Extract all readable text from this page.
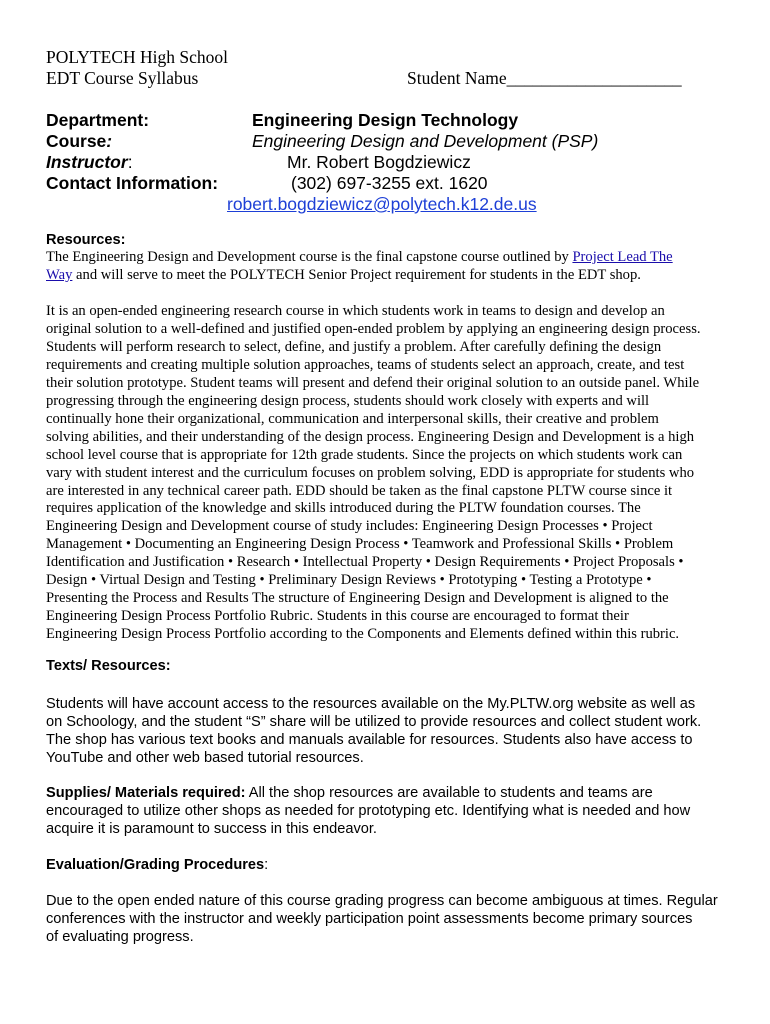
POLYTECH High School
EDT Course Syllabus	Student Name____________________
Department:	Engineering Design Technology
Course:	Engineering Design and Development (PSP)
Instructor:	Mr. Robert Bogdziewicz
Contact Information:	(302) 697-3255 ext. 1620
robert.bogdziewicz@polytech.k12.de.us
Resources:
The Engineering Design and Development course is the final capstone course outlined by Project Lead The
Way and will serve to meet the POLYTECH Senior Project requirement for students in the EDT shop.
It is an open-ended engineering research course in which students work in teams to design and develop an
original solution to a well-defined and justified open-ended problem by applying an engineering design process.
Students will perform research to select, define, and justify a problem. After carefully defining the design
requirements and creating multiple solution approaches, teams of students select an approach, create, and test
their solution prototype. Student teams will present and defend their original solution to an outside panel. While
progressing through the engineering design process, students should work closely with experts and will
continually hone their organizational, communication and interpersonal skills, their creative and problem
solving abilities, and their understanding of the design process. Engineering Design and Development is a high
school level course that is appropriate for 12th grade students. Since the projects on which students work can
vary with student interest and the curriculum focuses on problem solving, EDD is appropriate for students who
are interested in any technical career path. EDD should be taken as the final capstone PLTW course since it
requires application of the knowledge and skills introduced during the PLTW foundation courses. The
Engineering Design and Development course of study includes: Engineering Design Processes • Project
Management • Documenting an Engineering Design Process • Teamwork and Professional Skills • Problem
Identification and Justification • Research • Intellectual Property • Design Requirements • Project Proposals •
Design • Virtual Design and Testing • Preliminary Design Reviews • Prototyping • Testing a Prototype •
Presenting the Process and Results The structure of Engineering Design and Development is aligned to the
Engineering Design Process Portfolio Rubric. Students in this course are encouraged to format their
Engineering Design Process Portfolio according to the Components and Elements defined within this rubric.
Texts/ Resources:
Students will have account access to the resources available on the My.PLTW.org website as well as
on Schoology, and the student “S” share will be utilized to provide resources and collect student work.
The shop has various text books and manuals available for resources. Students also have access to
YouTube and other web based tutorial resources.
Supplies/ Materials required: All the shop resources are available to students and teams are
encouraged to utilize other shops as needed for prototyping etc. Identifying what is needed and how
acquire it is paramount to success in this endeavor.
Evaluation/Grading Procedures:
Due to the open ended nature of this course grading progress can become ambiguous at times. Regular
conferences with the instructor and weekly participation point assessments become primary sources
of evaluating progress.
